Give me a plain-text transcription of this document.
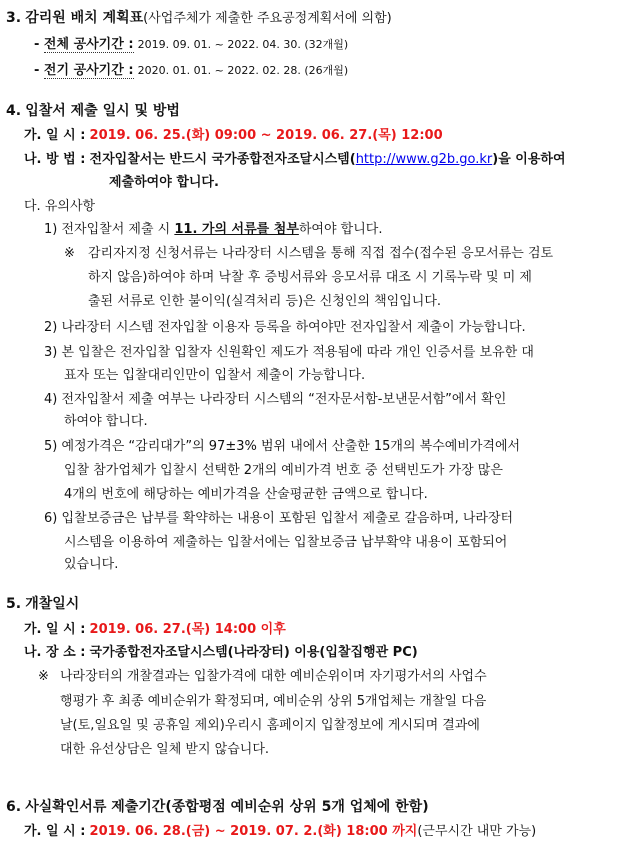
3. 감리원 배치 계획표(사업주체가 제출한 주요공정계획서에 의함)
- 전체 공사기간 : 2019. 09. 01. ~ 2022. 04. 30. (32개월)
- 전기 공사기간 : 2020. 01. 01. ~ 2022. 02. 28. (26개월)
4. 입찰서 제출 일시 및 방법
가. 일 시 : 2019. 06. 25.(화) 09:00 ~ 2019. 06. 27.(목) 12:00
나. 방 법 : 전자입찰서는 반드시 국가종합전자조달시스템(http://www.g2b.go.kr)을 이용하여
제출하여야 합니다.
다. 유의사항
1) 전자입찰서 제출 시 11. 가의 서류를 첨부하여야 합니다.
※ 감리자지정 신청서류는 나라장터 시스템을 통해 직접 접수(접수된 응모서류는 검토
하지 않음)하여야 하며 낙찰 후 증빙서류와 응모서류 대조 시 기록누락 및 미 제
출된 서류로 인한 불이익(실격처리 등)은 신청인의 책임입니다.
2) 나라장터 시스템 전자입찰 이용자 등록을 하여야만 전자입찰서 제출이 가능합니다.
3) 본 입찰은 전자입찰 입찰자 신원확인 제도가 적용됨에 따라 개인 인증서를 보유한 대
표자 또는 입찰대리인만이 입찰서 제출이 가능합니다.
4) 전자입찰서 제출 여부는 나라장터 시스템의 “전자문서함-보낸문서함”에서 확인
하여야 합니다.
5) 예정가격은 “감리대가”의 97±3% 범위 내에서 산출한 15개의 복수예비가격에서
입찰 참가업체가 입찰시 선택한 2개의 예비가격 번호 중 선택빈도가 가장 많은
4개의 번호에 해당하는 예비가격을 산술평균한 금액으로 합니다.
6) 입찰보증금은 납부를 확약하는 내용이 포함된 입찰서 제출로 갈음하며, 나라장터
시스템을 이용하여 제출하는 입찰서에는 입찰보증금 납부확약 내용이 포함되어
있습니다.
5. 개찰일시
가. 일 시 : 2019. 06. 27.(목) 14:00 이후
나. 장 소 : 국가종합전자조달시스템(나라장터) 이용(입찰집행관 PC)
※ 나라장터의 개찰결과는 입찰가격에 대한 예비순위이며 자기평가서의 사업수
행평가 후 최종 예비순위가 확정되며, 예비순위 상위 5개업체는 개찰일 다음
날(토,일요일 및 공휴일 제외)우리시 홈페이지 입찰정보에 게시되며 결과에
대한 유선상담은 일체 받지 않습니다.
6. 사실확인서류 제출기간(종합평점 예비순위 상위 5개 업체에 한함)
가. 일 시 : 2019. 06. 28.(금) ~ 2019. 07. 2.(화) 18:00 까지(근무시간 내만 가능)
